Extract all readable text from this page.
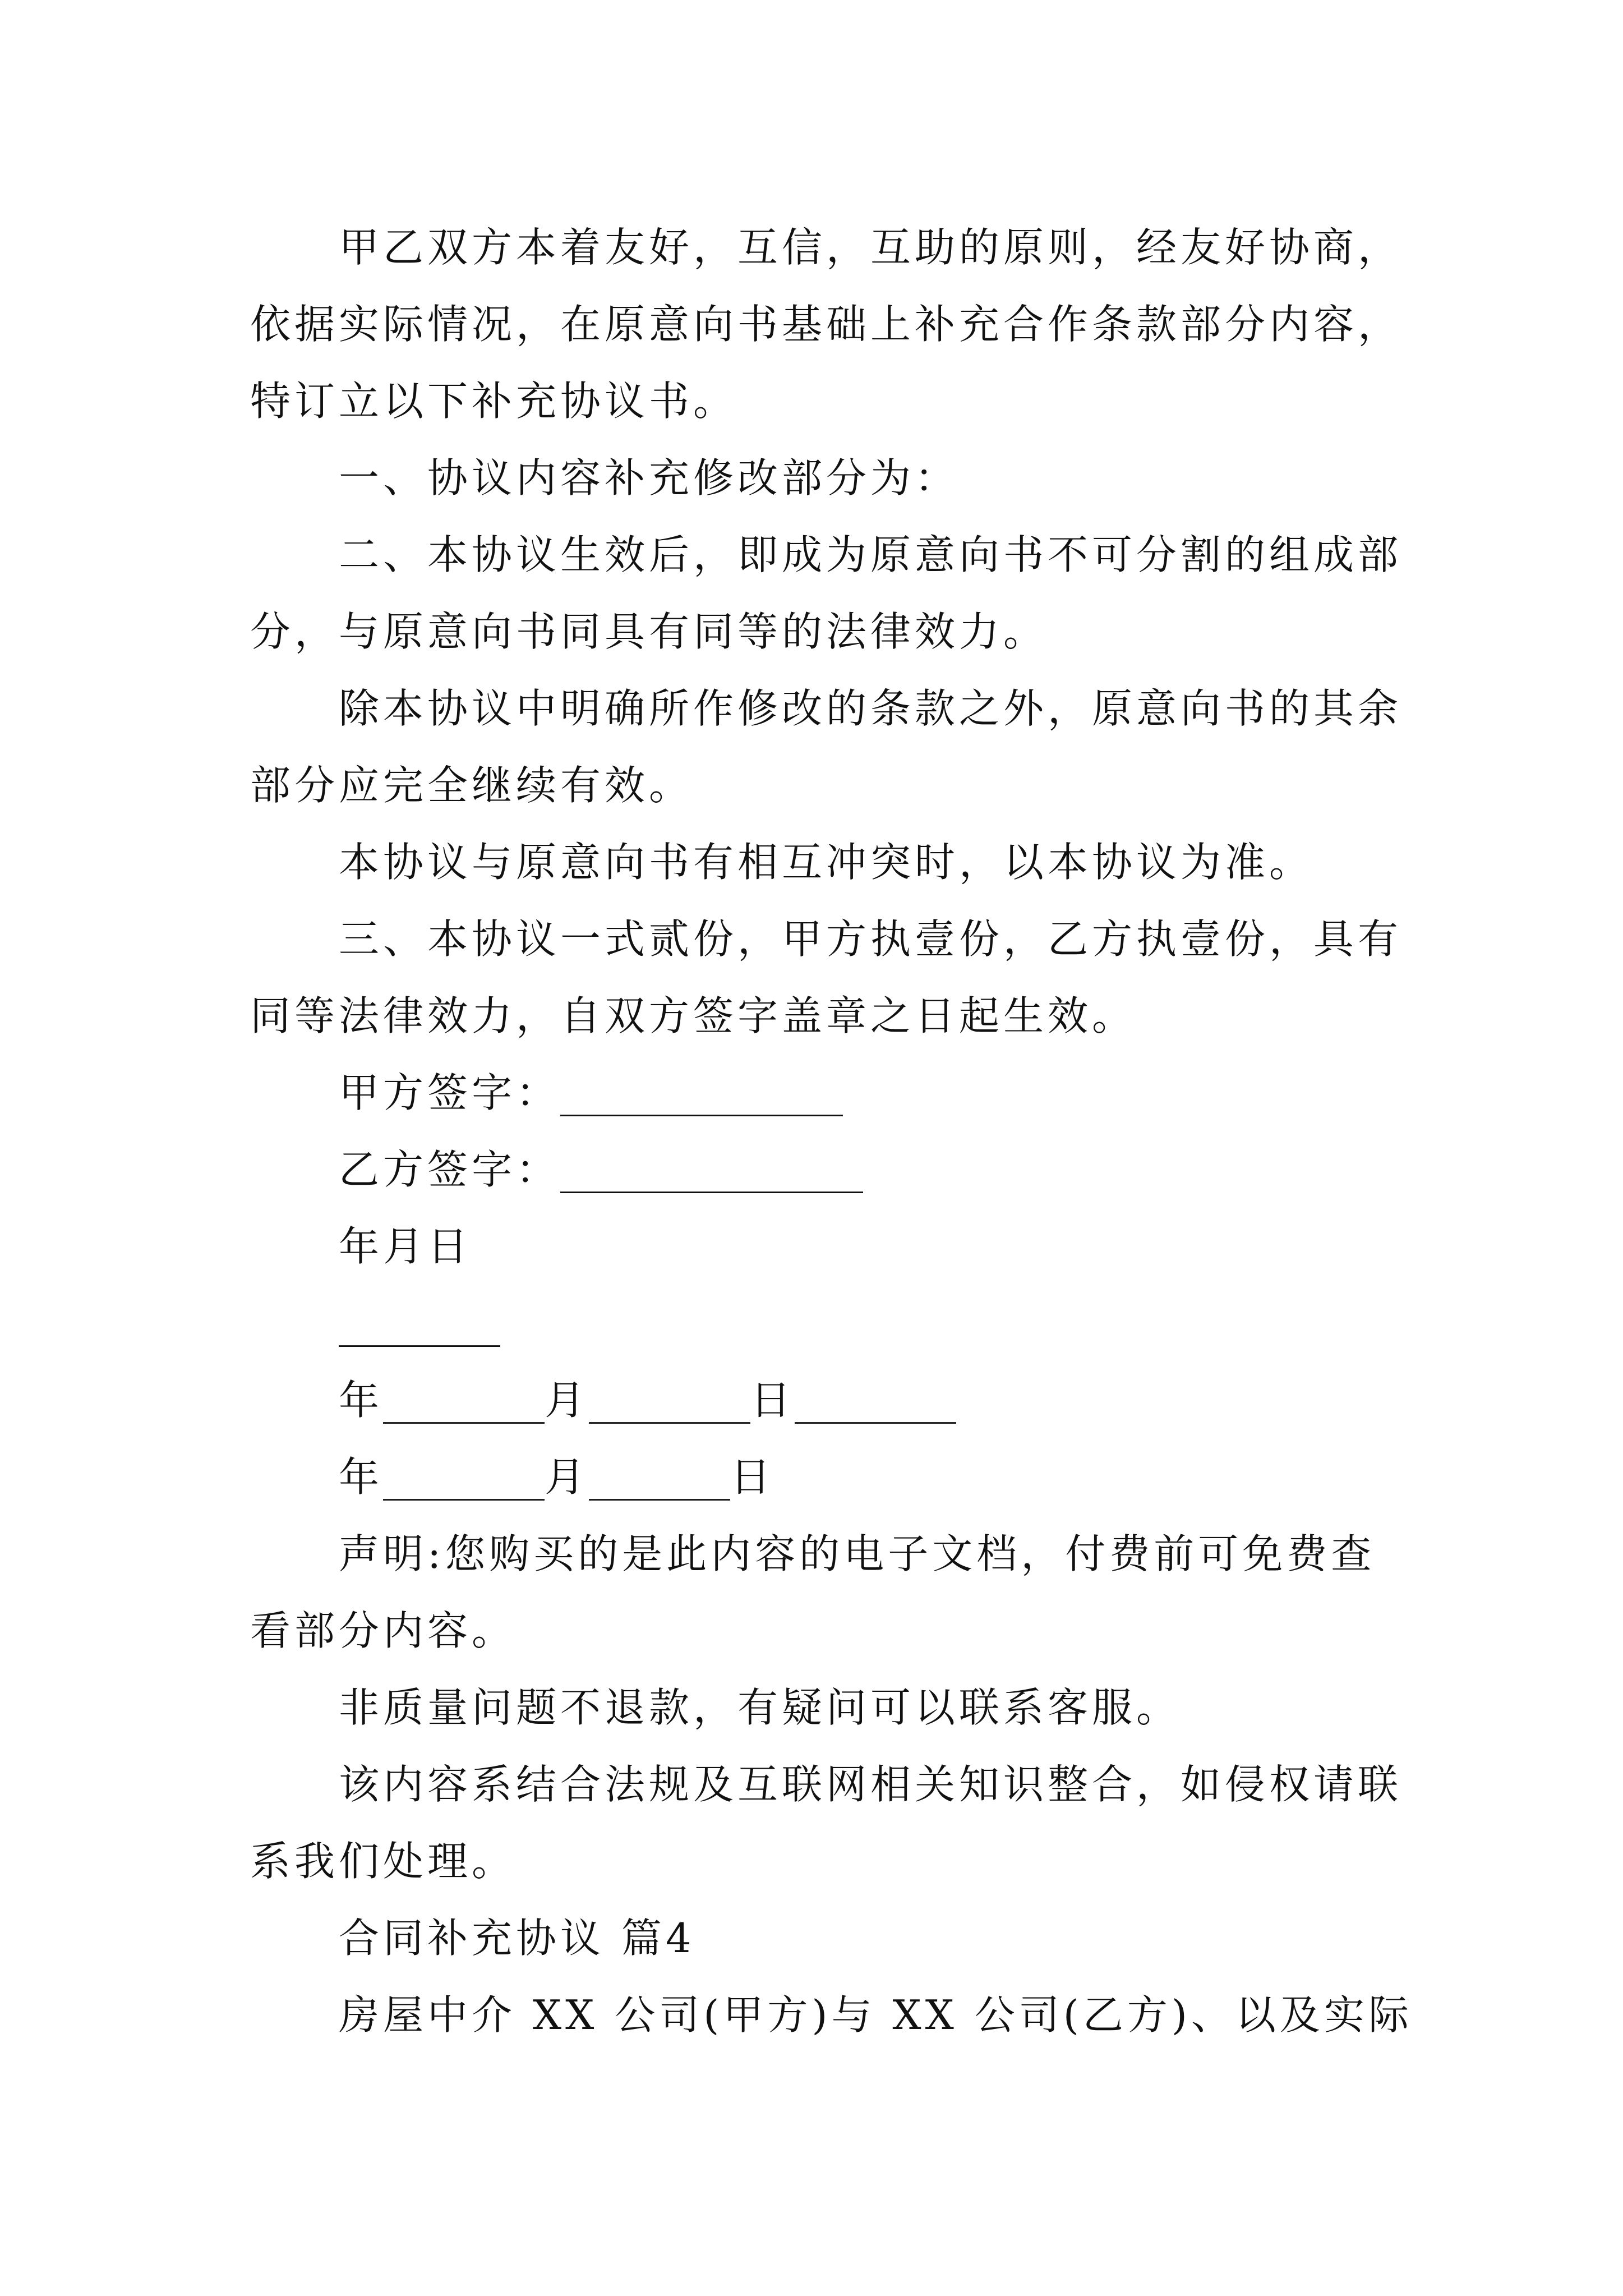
甲乙双方本着友好，互信，互助的原则，经友好协商，
依据实际情况，在原意向书基础上补充合作条款部分内容，
特订立以下补充协议书。
一、协议内容补充修改部分为：
二、本协议生效后，即成为原意向书不可分割的组成部
分，与原意向书同具有同等的法律效力。
除本协议中明确所作修改的条款之外，原意向书的其余
部分应完全继续有效。
本协议与原意向书有相互冲突时，以本协议为准。
三、本协议一式贰份，甲方执壹份，乙方执壹份，具有
同等法律效力，自双方签字盖章之日起生效。
甲方签字：______________
乙方签字：_______________
年月日
________
年________月________日________
年________月_______日
声明:您购买的是此内容的电子文档，付费前可免费查
看部分内容。
非质量问题不退款，有疑问可以联系客服。
该内容系结合法规及互联网相关知识整合，如侵权请联
系我们处理。
合同补充协议 篇4
房屋中介 XX 公司(甲方)与 XX 公司(乙方)、以及实际
